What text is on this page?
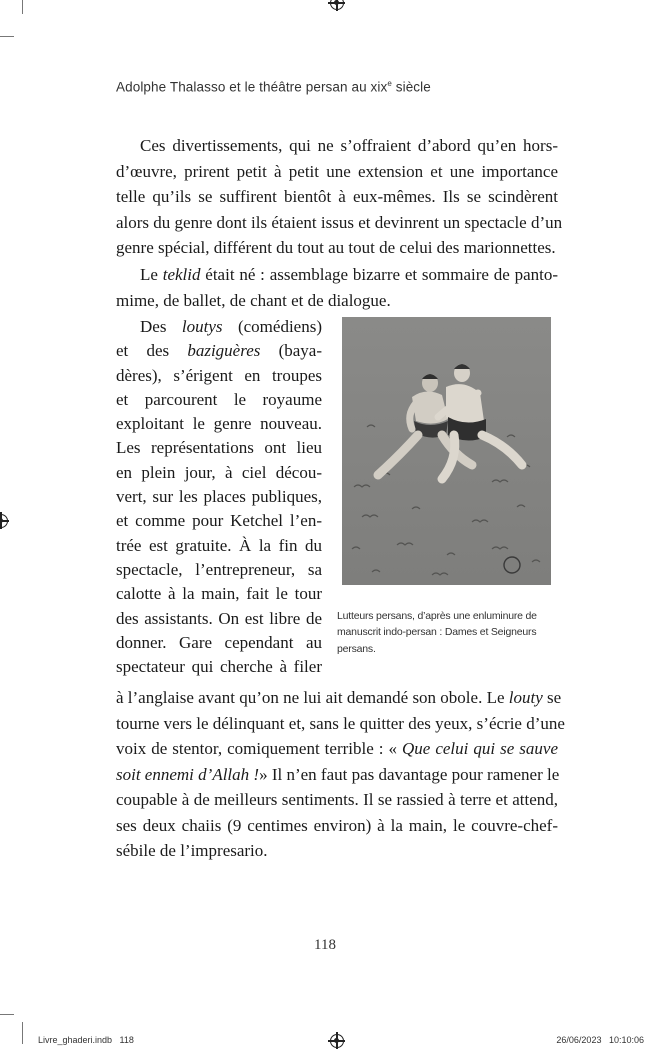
Adolphe Thalasso et le théâtre persan au xix$^e$ siècle
Ces divertissements, qui ne s’offraient d’abord qu’en hors-
d’œuvre, prirent petit à petit une extension et une importance
telle qu’ils se suffirent bientôt à eux-mêmes. Ils se scindèrent
alors du genre dont ils étaient issus et devinrent un spectacle d’un
genre spécial, différent du tout au tout de celui des marionnettes.
Le teklid était né : assemblage bizarre et sommaire de panto-
mime, de ballet, de chant et de dialogue.
Des loutys (comédiens)
et des baziguères (baya-
dères), s’érigent en troupes
et parcourent le royaume
exploitant le genre nouveau.
Les représentations ont lieu
en plein jour, à ciel décou-
vert, sur les places publiques,
et comme pour Ketchel l’en-
trée est gratuite. À la fin du
spectacle, l’entrepreneur, sa
calotte à la main, fait le tour
des assistants. On est libre de
donner. Gare cependant au
spectateur qui cherche à filer
Lutteurs persans, d’après une enluminure de
manuscrit indo-persan : Dames et Seigneurs
persans.
à l’anglaise avant qu’on ne lui ait demandé son obole. Le louty se
tourne vers le délinquant et, sans le quitter des yeux, s’écrie d’une
voix de stentor, comiquement terrible : « Que celui qui se sauve
soit ennemi d’Allah !» Il n’en faut pas davantage pour ramener le
coupable à de meilleurs sentiments. Il se rassied à terre et attend,
ses deux chaiis (9 centimes environ) à la main, le couvre-chef-
sébile de l’impresario.
118
Livre_ghaderi.indb   118	26/06/2023   10:10:06
